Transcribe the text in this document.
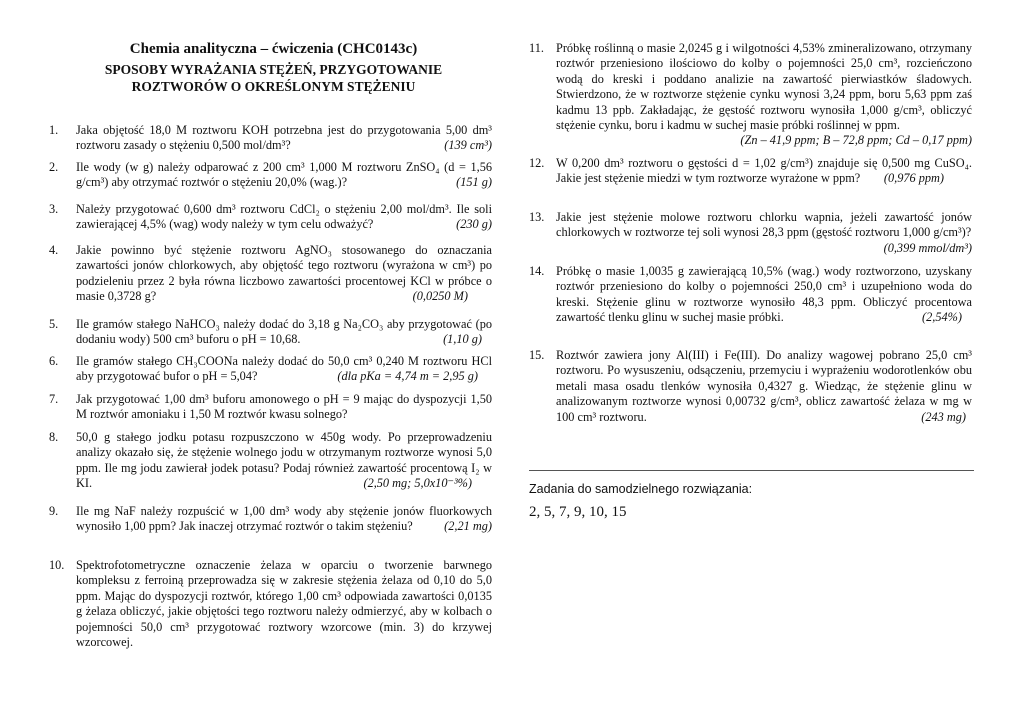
Chemia analityczna – ćwiczenia (CHC0143c)
SPOSOBY WYRAŻANIA STĘŻEŃ, PRZYGOTOWANIE
ROZTWORÓW O OKREŚLONYM STĘŻENIU
1.	Jaka objętość 18,0 M roztworu KOH potrzebna jest do przygotowania 5,00 dm³ roztworu zasady o stężeniu 0,500 mol/dm³?	(139 cm³)
2.	Ile wody (w g) należy odparować z 200 cm³ 1,000 M roztworu ZnSO₄ (d = 1,56 g/cm³) aby otrzymać roztwór o stężeniu 20,0% (wag.)?	(151 g)
3.	Należy przygotować 0,600 dm³ roztworu CdCl₂ o stężeniu 2,00 mol/dm³. Ile soli zawierającej 4,5% (wag) wody należy w tym celu odważyć?	(230 g)
4.	Jakie powinno być stężenie roztworu AgNO₃ stosowanego do oznaczania zawartości jonów chlorkowych, aby objętość tego roztworu (wyrażona w cm³) po podzieleniu przez 2 była równa liczbowo zawartości procentowej KCl w próbce o masie 0,3728 g?	(0,0250 M)
5.	Ile gramów stałego NaHCO₃ należy dodać do 3,18 g Na₂CO₃ aby przygotować (po dodaniu wody) 500 cm³ buforu o pH = 10,68.	(1,10 g)
6.	Ile gramów stałego CH₃COONa należy dodać do 50,0 cm³ 0,240 M roztworu HCl aby przygotować bufor o pH = 5,04?	(dla pKa = 4,74 m = 2,95 g)
7.	Jak przygotować 1,00 dm³ buforu amonowego o pH = 9 mając do dyspozycji 1,50 M roztwór amoniaku i 1,50 M roztwór kwasu solnego?
8.	50,0 g stałego jodku potasu rozpuszczono w 450g wody. Po przeprowadzeniu analizy okazało się, że stężenie wolnego jodu w otrzymanym roztworze wynosi 5,0 ppm. Ile mg jodu zawierał jodek potasu? Podaj również zawartość procentową I₂ w KI.	(2,50 mg; 5,0x10⁻³%)
9.	Ile mg NaF należy rozpuścić w 1,00 dm³ wody aby stężenie jonów fluorkowych wynosiło 1,00 ppm? Jak inaczej otrzymać roztwór o takim stężeniu?	(2,21 mg)
10. Spektrofotometryczne oznaczenie żelaza w oparciu o tworzenie barwnego kompleksu z ferroiną przeprowadza się w zakresie stężenia żelaza od 0,10 do 5,0 ppm. Mając do dyspozycji roztwór, którego 1,00 cm³ odpowiada zawartości 0,0135 g żelaza obliczyć, jakie objętości tego roztworu należy odmierzyć, aby w kolbach o pojemności 50,0 cm³ przygotować roztwory wzorcowe (min. 3) do krzywej wzorcowej.
11. Próbkę roślinną o masie 2,0245 g i wilgotności 4,53% zmineralizowano, otrzymany roztwór przeniesiono ilościowo do kolby o pojemności 25,0 cm³, rozcieńczono wodą do kreski i poddano analizie na zawartość pierwiastków śladowych. Stwierdzono, że w roztworze stężenie cynku wynosi 3,24 ppm, boru 5,63 ppm zaś kadmu 13 ppb. Zakładając, że gęstość roztworu wynosiła 1,000 g/cm³, obliczyć stężenie cynku, boru i kadmu w suchej masie próbki roślinnej w ppm.
(Zn – 41,9 ppm; B – 72,8 ppm; Cd – 0,17 ppm)
12. W 0,200 dm³ roztworu o gęstości d = 1,02 g/cm³) znajduje się 0,500 mg CuSO₄. Jakie jest stężenie miedzi w tym roztworze wyrażone w ppm? (0,976 ppm)
13. Jakie jest stężenie molowe roztworu chlorku wapnia, jeżeli zawartość jonów chlorkowych w roztworze tej soli wynosi 28,3 ppm (gęstość roztworu 1,000 g/cm³)?
(0,399 mmol/dm³)
14. Próbkę o masie 1,0035 g zawierającą 10,5% (wag.) wody roztworzono, uzyskany roztwór przeniesiono do kolby o pojemności 250,0 cm³ i uzupełniono woda do kreski. Stężenie glinu w roztworze wynosiło 48,3 ppm. Obliczyć procentowa zawartość tlenku glinu w suchej masie próbki.	(2,54%)
15. Roztwór zawiera jony Al(III) i Fe(III). Do analizy wagowej pobrano 25,0 cm³ roztworu. Po wysuszeniu, odsączeniu, przemyciu i wyprażeniu wodorotlenków obu metali masa osadu tlenków wynosiła 0,4327 g. Wiedząc, że stężenie glinu w analizowanym roztworze wynosi 0,00732 g/cm³, oblicz zawartość żelaza w mg w 100 cm³ roztworu.	(243 mg)
Zadania do samodzielnego rozwiązania:
2, 5, 7, 9, 10, 15
